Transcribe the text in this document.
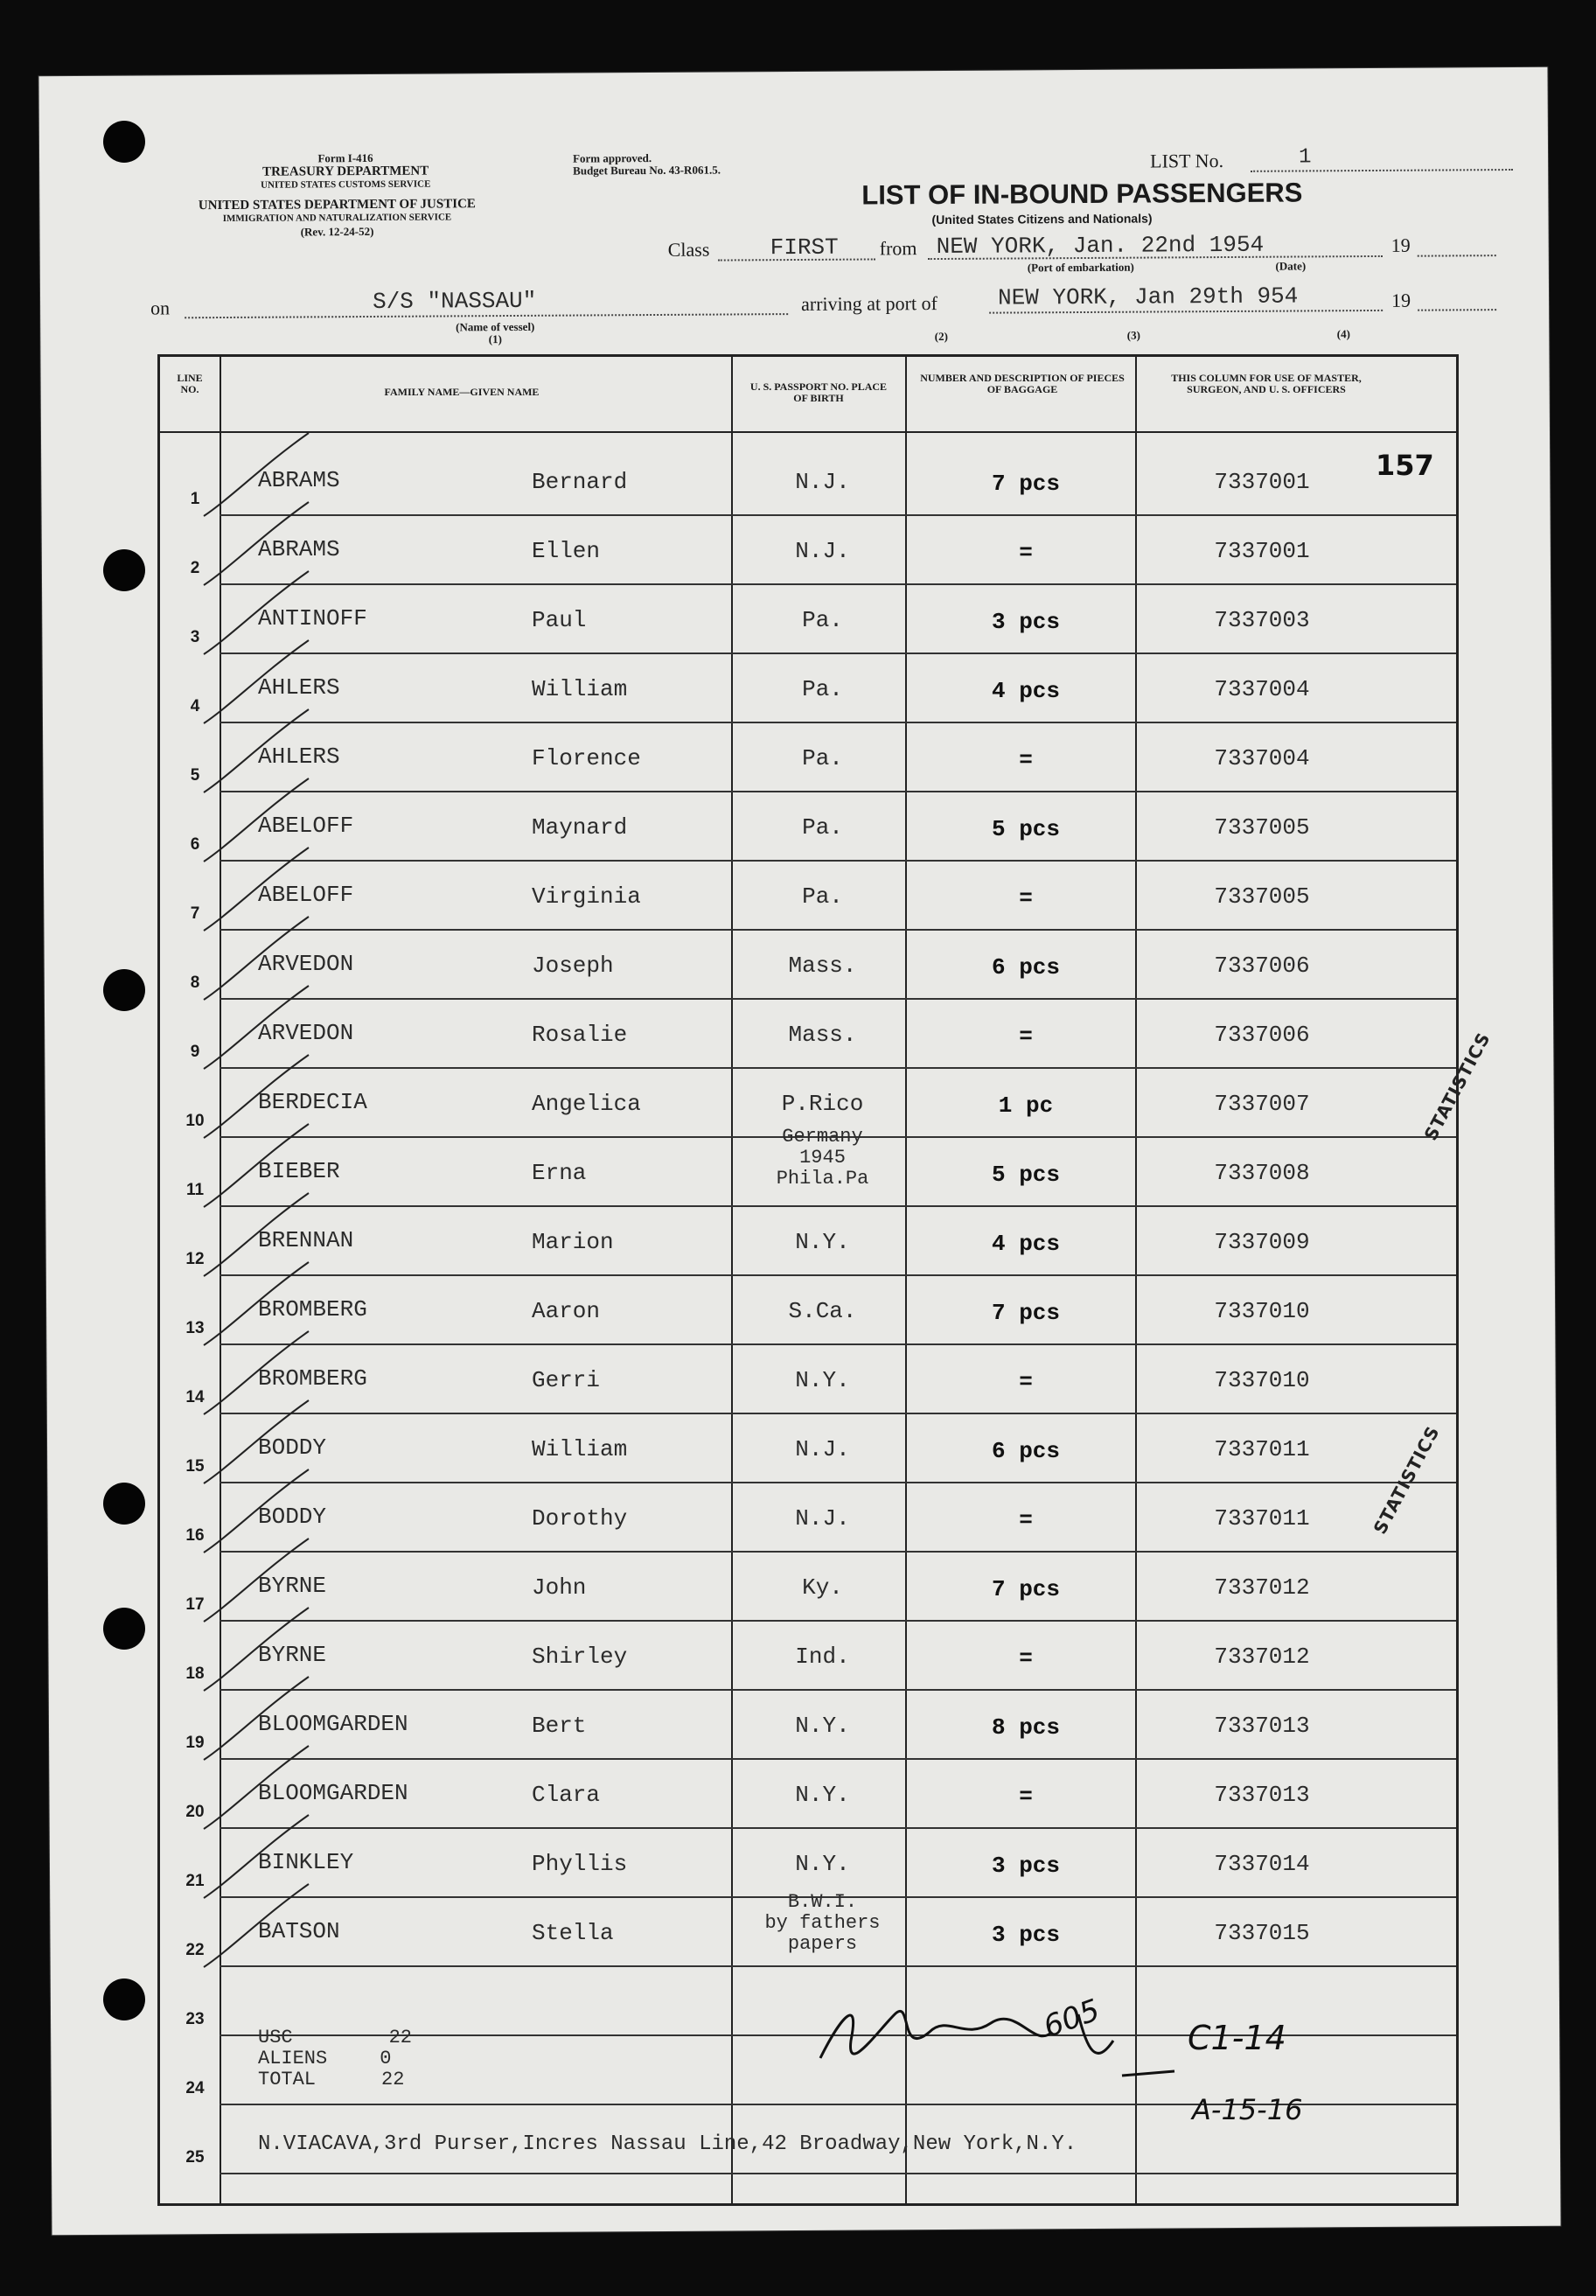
Form I-416
TREASURY DEPARTMENT
UNITED STATES CUSTOMS SERVICE
UNITED STATES DEPARTMENT OF JUSTICE
IMMIGRATION AND NATURALIZATION SERVICE
(Rev. 12-24-52)
Form approved.
Budget Bureau No. 43-R061.5.	LIST No.	1
LIST OF IN-BOUND PASSENGERS
(United States Citizens and Nationals)
Class	FIRST from NEW YORK, Jan. 22nd 1954
(Port of embarkation)	(Date)
19
on	S/S "NASSAU"
(Name of vessel)
(1)
arriving at port of	NEW YORK, Jan 29th 954	19
(2)	(3)	(4)
LINE NO.	FAMILY NAME—GIVEN NAME	U. S. PASSPORT NO. PLACE OF BIRTH
NUMBER AND DESCRIPTION OF PIECES OF BAGGAGE
THIS COLUMN FOR USE OF MASTER, SURGEON, AND U. S. OFFICERS
1
ABRAMS	Bernard	N.J.	7 pcs	7337001
2
ABRAMS	Ellen	N.J.	=	7337001
3
ANTINOFF	Paul	Pa.	3 pcs	7337003
4
AHLERS	William	Pa.	4 pcs	7337004
5
AHLERS	Florence	Pa.	=	7337004
6
ABELOFF	Maynard	Pa.	5 pcs	7337005
7
ABELOFF	Virginia	Pa.	=	7337005
8
ARVEDON	Joseph	Mass.	6 pcs	7337006
9
ARVEDON	Rosalie	Mass.	=	7337006
10
BERDECIA	Angelica	P.Rico	1 pc	7337007
11
BIEBER	Erna
Germany
1945
Phila.Pa	5 pcs	7337008
12
BRENNAN	Marion	N.Y.	4 pcs	7337009
13
BROMBERG	Aaron	S.Ca.	7 pcs	7337010
14
BROMBERG	Gerri	N.Y.	=	7337010
15
BODDY	William	N.J.	6 pcs	7337011
16
BODDY	Dorothy	N.J.	=	7337011
17
BYRNE	John	Ky.	7 pcs	7337012
18
BYRNE	Shirley	Ind.	=	7337012
19
BLOOMGARDEN	Bert	N.Y.	8 pcs	7337013
20
BLOOMGARDEN	Clara	N.Y.	=	7337013
21
BINKLEY	Phyllis	N.Y.	3 pcs	7337014
22
BATSON	Stella
B.W.I.
by fathers
papers	3 pcs	7337015
23
24
25
USC	22
ALIENS	0
TOTAL	22
N.VIACAVA,3rd Purser,Incres Nassau Line,42 Broadway,New York,N.Y.
157
605	C1-14
A-15-16
STATISTICS
STATISTICS
